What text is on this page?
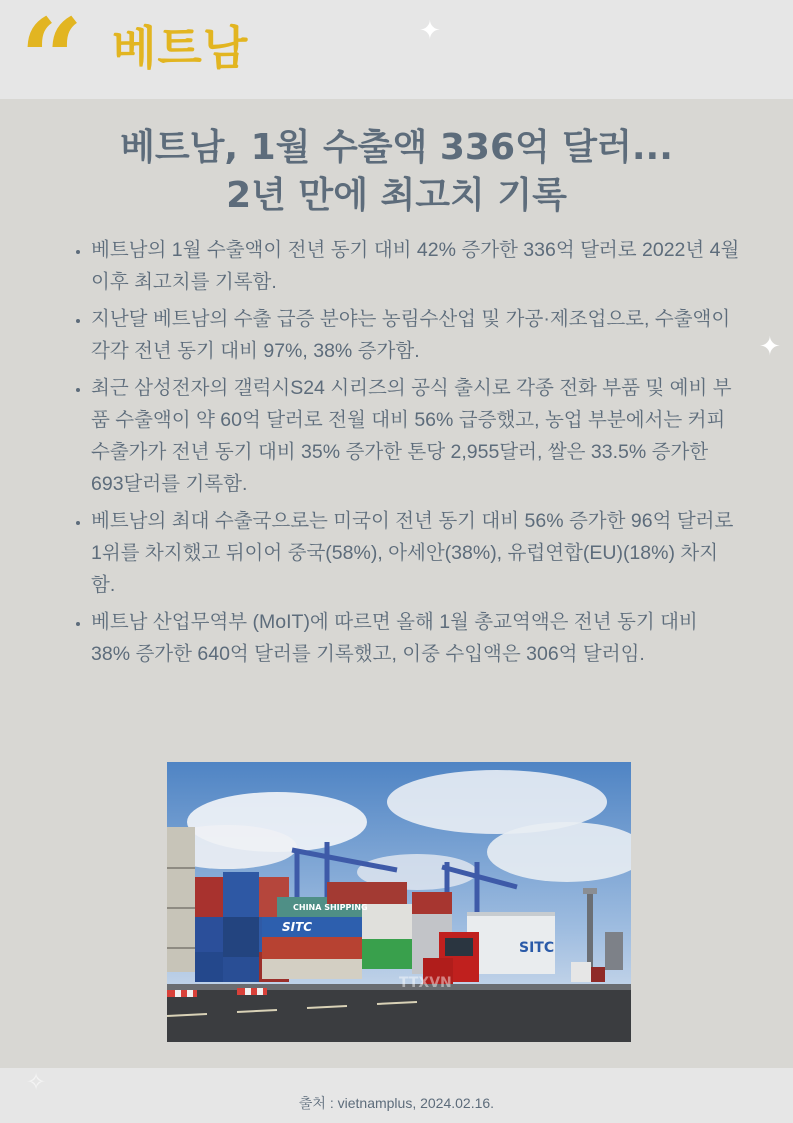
“ 베트남	✦
✦
베트남, 1월 수출액 336억 달러...
2년 만에 최고치 기록
• 베트남의 1월 수출액이 전년 동기 대비 42% 증가한 336억 달러로 2022년 4월 이후 최고치를 기록함.
• 지난달 베트남의 수출 급증 분야는 농림수산업 및 가공·제조업으로, 수출액이 각각 전년 동기 대비 97%, 38% 증가함.
• 최근 삼성전자의 갤럭시S24 시리즈의 공식 출시로 각종 전화 부품 및 예비 부품 수출액이 약 60억 달러로 전월 대비 56% 급증했고, 농업 부분에서는 커피 수출가가 전년 동기 대비 35% 증가한 톤당 2,955달러, 쌀은 33.5% 증가한 693달러를 기록함.
• 베트남의 최대 수출국으로는 미국이 전년 동기 대비 56% 증가한 96억 달러로 1위를 차지했고 뒤이어 중국(58%), 아세안(38%), 유럽연합(EU)(18%) 차지함.
• 베트남 산업무역부 (MoIT)에 따르면 올해 1월 총교역액은 전년 동기 대비 38% 증가한 640억 달러를 기록했고, 이중 수입액은 306억 달러임.
CHINA SHIPPING
SITC
SITC
TTXVN
✧
출처 : vietnamplus, 2024.02.16.
